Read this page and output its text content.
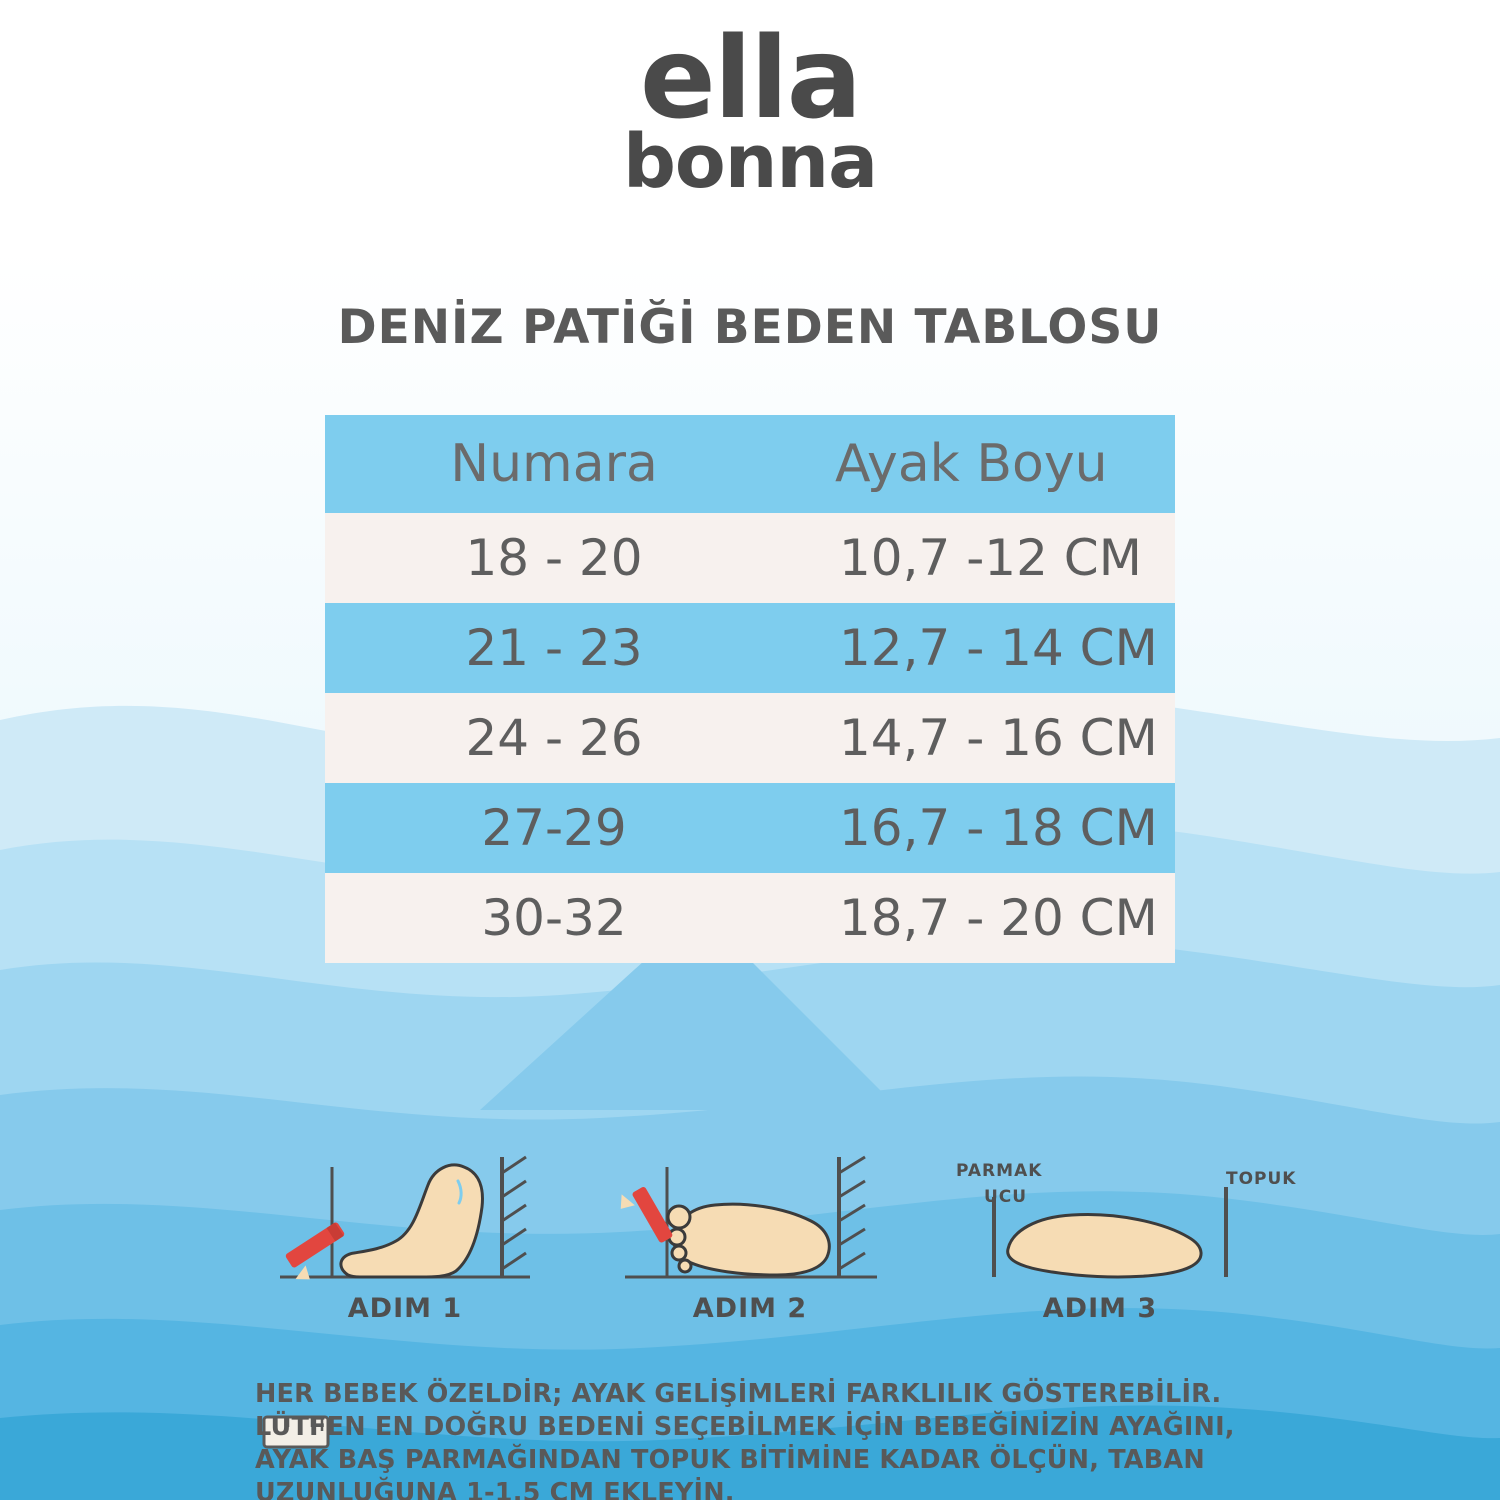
ella
bonna
DENİZ PATİĞİ BEDEN TABLOSU
Numara	Ayak Boyu
18 - 20	10,7 -12 CM
21 - 23	12,7 - 14 CM
24 - 26	14,7 - 16 CM
27-29	16,7 - 18 CM
30-32	18,7 - 20 CM
ADIM 1	ADIM 2
PARMAK
UCU
TOPUK
ADIM 3

HER BEBEK ÖZELDİR; AYAK GELİŞİMLERİ FARKLILIK GÖSTEREBİLİR.

LÜTFEN EN DOĞRU BEDENİ SEÇEBİLMEK İÇİN BEBEĞİNİZİN AYAĞINI,

AYAK BAŞ PARMAĞINDAN TOPUK BİTİMİNE KADAR ÖLÇÜN, TABAN

UZUNLUĞUNA 1-1.5 CM EKLEYİN.
